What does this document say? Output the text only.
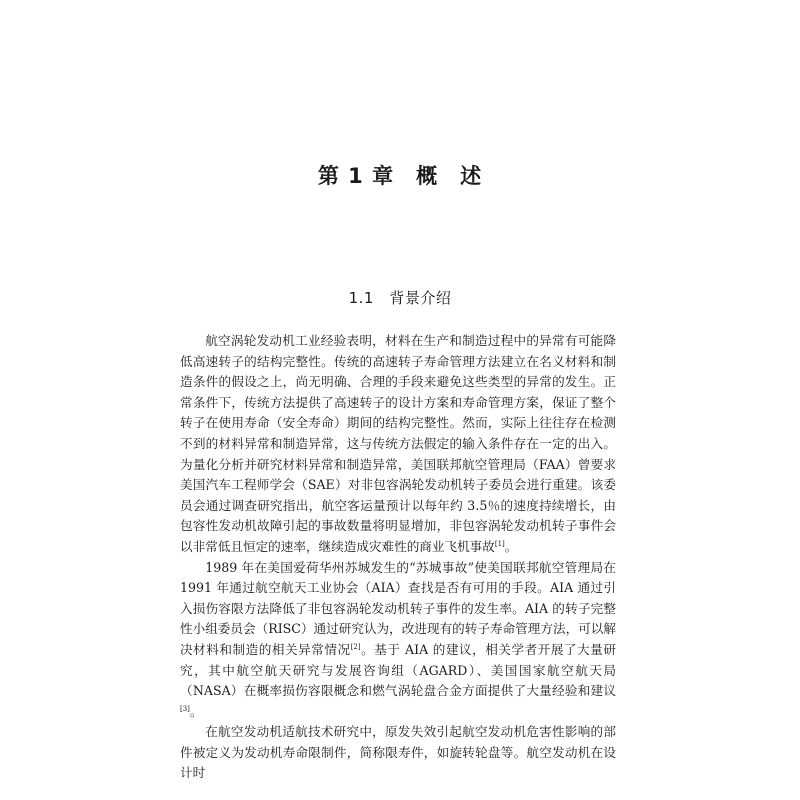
第 1 章　概　述
1.1　背景介绍

航空涡轮发动机工业经验表明，材料在生产和制造过程中的异常有可能降低高速转子的结构完整性。传统的高速转子寿命管理方法建立在名义材料和制造条件的假设之上，尚无明确、合理的手段来避免这些类型的异常的发生。正常条件下，传统方法提供了高速转子的设计方案和寿命管理方案，保证了整个转子在使用寿命（安全寿命）期间的结构完整性。然而，实际上往往存在检测不到的材料异常和制造异常，这与传统方法假定的输入条件存在一定的出入。为量化分析并研究材料异常和制造异常，美国联邦航空管理局（FAA）曾要求美国汽车工程师学会（SAE）对非包容涡轮发动机转子委员会进行重建。该委员会通过调查研究指出，航空客运量预计以每年约 3.5％的速度持续增长，由包容性发动机故障引起的事故数量将明显增加，非包容涡轮发动机转子事件会以非常低且恒定的速率，继续造成灾难性的商业飞机事故[1]。

1989 年在美国爱荷华州苏城发生的“苏城事故”使美国联邦航空管理局在 1991 年通过航空航天工业协会（AIA）查找是否有可用的手段。AIA 通过引入损伤容限方法降低了非包容涡轮发动机转子事件的发生率。AIA 的转子完整性小组委员会（RISC）通过研究认为，改进现有的转子寿命管理方法，可以解决材料和制造的相关异常情况[2]。基于 AIA 的建议，相关学者开展了大量研究，其中航空航天研究与发展咨询组（AGARD）、美国国家航空航天局（NASA）在概率损伤容限概念和燃气涡轮盘合金方面提供了大量经验和建议[3]。

在航空发动机适航技术研究中，原发失效引起航空发动机危害性影响的部件被定义为发动机寿命限制件，简称限寿件，如旋转轮盘等。航空发动机在设计时
